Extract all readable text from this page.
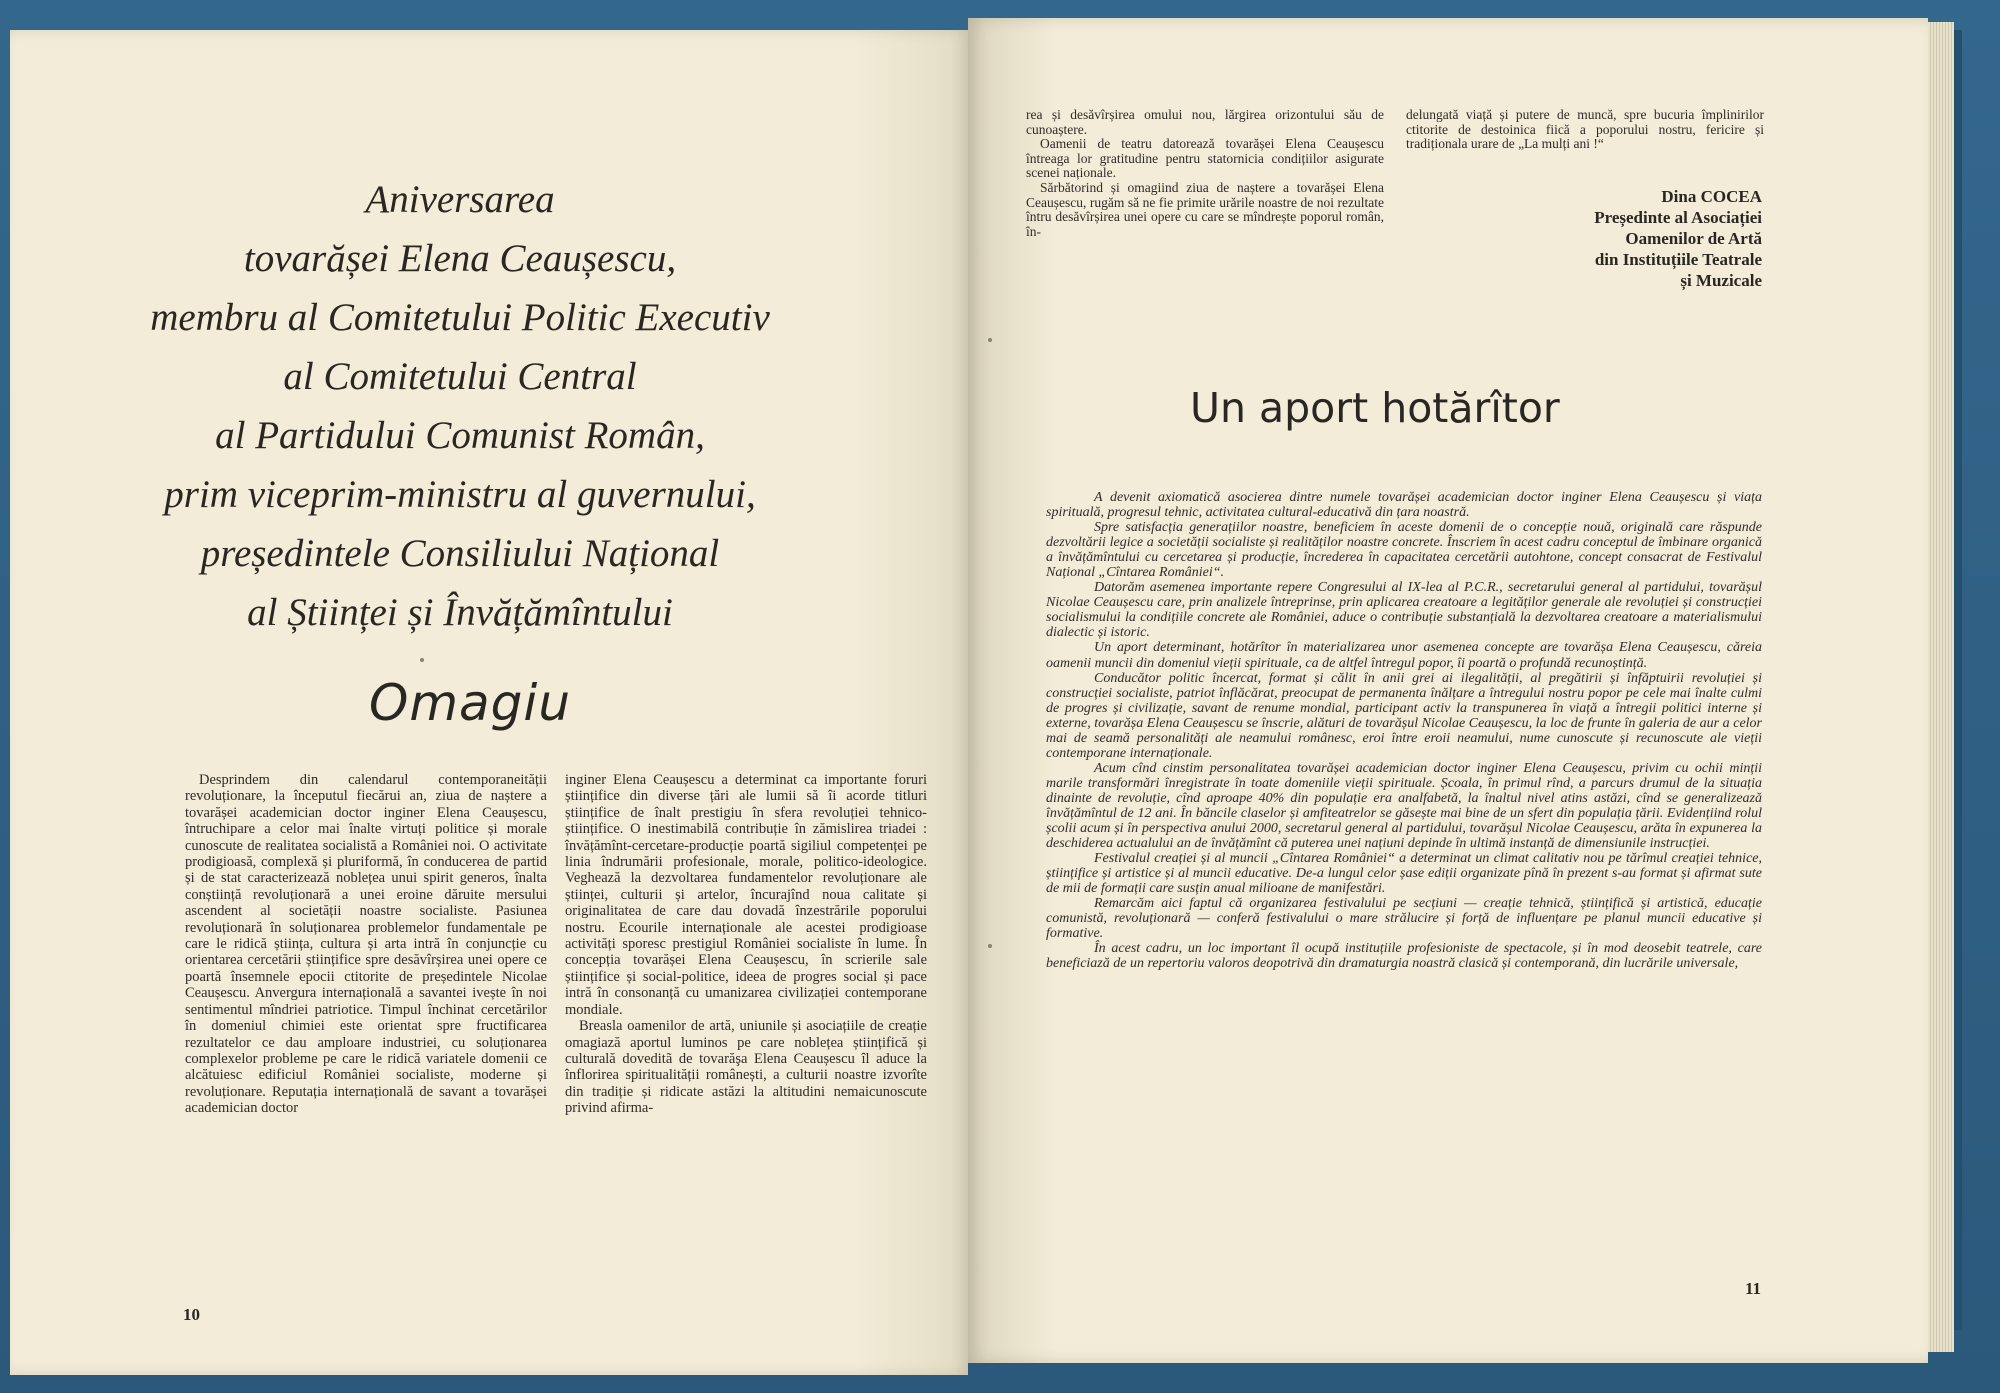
Aniversarea
tovarășei Elena Ceaușescu,
membru al Comitetului Politic Executiv
al Comitetului Central
al Partidului Comunist Român,
prim viceprim-ministru al guvernului,
președintele Consiliului Național
al Științei și Învățămîntului
Omagiu

Desprindem din calendarul contemporaneității revoluționare, la începutul fiecărui an, ziua de naștere a tovarășei academician doctor inginer Elena Ceaușescu, întruchipare a celor mai înalte virtuți politice și morale cunoscute de realitatea socialistă a României noi. O activitate prodigioasă, complexă și pluriformă, în conducerea de partid și de stat caracterizează noblețea unui spirit generos, înalta conștiință revoluționară a unei eroine dăruite mersului ascendent al societății noastre socialiste. Pasiunea revoluționară în soluționarea problemelor fundamentale pe care le ridică știința, cultura și arta intră în conjuncție cu orientarea cercetării științifice spre desăvîrșirea unei opere ce poartă însemnele epocii ctitorite de președintele Nicolae Ceaușescu. Anvergura internațională a savantei ivește în noi sentimentul mîndriei patriotice. Timpul închinat cercetărilor în domeniul chimiei este orientat spre fructificarea rezultatelor ce dau amploare industriei, cu soluționarea complexelor probleme pe care le ridică variatele domenii ce alcătuiesc edificiul României socialiste, moderne și revoluționare. Reputația internațională de savant a tovarășei academician doctor

inginer Elena Ceaușescu a determinat ca importante foruri științifice din diverse țări ale lumii să îi acorde titluri științifice de înalt prestigiu în sfera revoluției tehnico-științifice. O inestimabilă contribuție în zămislirea triadei : învățămînt-cercetare-producție poartă sigiliul competenței pe linia îndrumării profesionale, morale, politico-ideologice. Veghează la dezvoltarea fundamentelor revoluționare ale științei, culturii și artelor, încurajînd noua calitate și originalitatea de care dau dovadă înzestrările poporului nostru. Ecourile internaționale ale acestei prodigioase activități sporesc prestigiul României socialiste în lume. În concepția tovarășei Elena Ceaușescu, în scrierile sale științifice și social-politice, ideea de progres social și pace intră în consonanță cu umanizarea civilizației contemporane mondiale.

Breasla oamenilor de artă, uniunile și asociațiile de creație omagiază aportul luminos pe care noblețea științifică și culturală doveditã de tovarăşa Elena Ceaușescu îl aduce la înflorirea spiritualității românești, a culturii noastre izvorîte din tradiție și ridicate astăzi la altitudini nemaicunoscute privind afirma-

10

rea și desăvîrșirea omului nou, lărgirea orizontului său de cunoaștere.

Oamenii de teatru datorează tovarășei Elena Ceaușescu întreaga lor gratitudine pentru statornicia condițiilor asigurate scenei naționale.

Sărbătorind și omagiind ziua de naștere a tovarășei Elena Ceaușescu, rugăm să ne fie primite urările noastre de noi rezultate întru desăvîrșirea unei opere cu care se mîndrește poporul român, în-

delungată viață și putere de muncă, spre bucuria împlinirilor ctitorite de destoinica fiică a poporului nostru, fericire și tradiționala urare de „La mulți ani !“

Dina COCEA
Președinte al Asociației
Oamenilor de Artă
din Instituțiile Teatrale
și Muzicale
Un aport hotărîtor

A devenit axiomatică asocierea dintre numele tovarășei academician doctor inginer Elena Ceaușescu și viața spirituală, progresul tehnic, activitatea cultural-educativă din țara noastră.

Spre satisfacția generațiilor noastre, beneficiem în aceste domenii de o concepție nouă, originală care răspunde dezvoltării legice a societății socialiste și realităților noastre concrete. Înscriem în acest cadru conceptul de îmbinare organică a învățămîntului cu cercetarea și producție, încrederea în capacitatea cercetării autohtone, concept consacrat de Festivalul Național „Cîntarea României“.

Datorăm asemenea importante repere Congresului al IX-lea al P.C.R., secretarului general al partidului, tovarășul Nicolae Ceaușescu care, prin analizele întreprinse, prin aplicarea creatoare a legităților generale ale revoluției și construcției socialismului la condițiile concrete ale României, aduce o contribuție substanțială la dezvoltarea creatoare a materialismului dialectic și istoric.

Un aport determinant, hotărîtor în materializarea unor asemenea concepte are tovarășa Elena Ceaușescu, căreia oamenii muncii din domeniul vieții spirituale, ca de altfel întregul popor, îi poartă o profundă recunoștință.

Conducător politic încercat, format și călit în anii grei ai ilegalității, al pregătirii și înfăptuirii revoluției și construcției socialiste, patriot înflăcărat, preocupat de permanenta înălțare a întregului nostru popor pe cele mai înalte culmi de progres și civilizație, savant de renume mondial, participant activ la transpunerea în viață a întregii politici interne și externe, tovarășa Elena Ceaușescu se înscrie, alături de tovarășul Nicolae Ceaușescu, la loc de frunte în galeria de aur a celor mai de seamă personalități ale neamului românesc, eroi între eroii neamului, nume cunoscute și recunoscute ale vieții contemporane internaționale.

Acum cînd cinstim personalitatea tovarășei academician doctor inginer Elena Ceaușescu, privim cu ochii minții marile transformări înregistrate în toate domeniile vieții spirituale. Școala, în primul rînd, a parcurs drumul de la situația dinainte de revoluție, cînd aproape 40% din populație era analfabetă, la înaltul nivel atins astăzi, cînd se generalizează învățămîntul de 12 ani. În băncile claselor și amfiteatrelor se găsește mai bine de un sfert din populația țării. Evidențiind rolul școlii acum și în perspectiva anului 2000, secretarul general al partidului, tovarășul Nicolae Ceaușescu, arăta în expunerea la deschiderea actualului an de învățămînt că puterea unei națiuni depinde în ultimă instanță de dimensiunile instrucției.

Festivalul creației și al muncii „Cîntarea României“ a determinat un climat calitativ nou pe tărîmul creației tehnice, științifice și artistice și al muncii educative. De-a lungul celor șase ediții organizate pînă în prezent s-au format și afirmat sute de mii de formații care susțin anual milioane de manifestări.

Remarcăm aici faptul că organizarea festivalului pe secțiuni — creație tehnică, științifică și artistică, educație comunistă, revoluționară — conferă festivalului o mare strălucire și forță de influențare pe planul muncii educative și formative.

În acest cadru, un loc important îl ocupă instituțiile profesioniste de spectacole, și în mod deosebit teatrele, care beneficiază de un repertoriu valoros deopotrivă din dramaturgia noastră clasică și contemporană, din lucrările universale,

11
